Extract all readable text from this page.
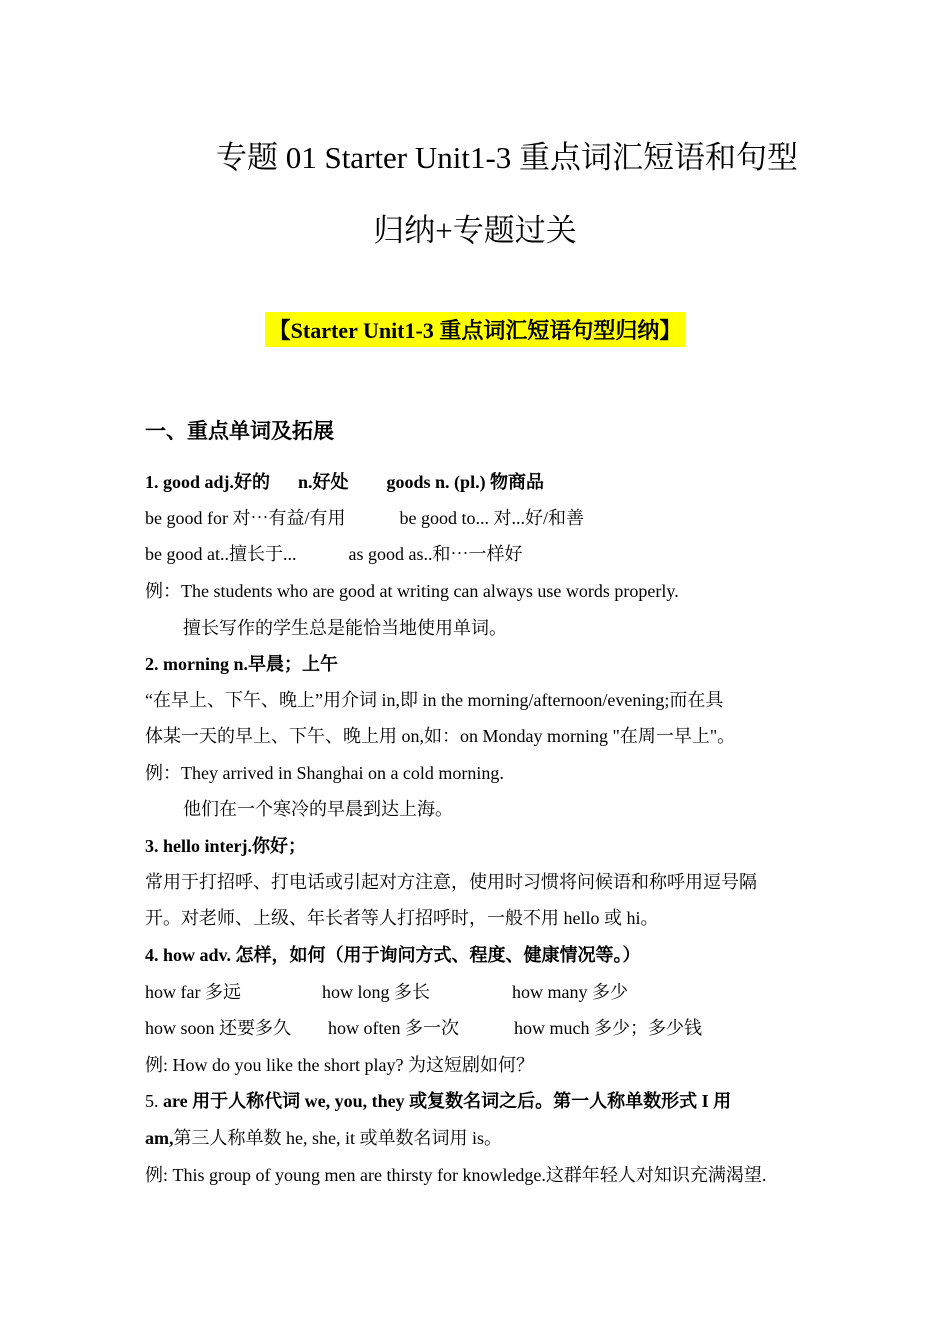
专题 01 Starter Unit1-3 重点词汇短语和句型
归纳+专题过关
【Starter Unit1-3 重点词汇短语句型归纳】
一、重点单词及拓展
1. good adj.好的 n.好处 goods n. (pl.) 物商品
be good for 对⋯有益/有用	be good to... 对...好/和善
be good at..擅长于...	as good as..和⋯一样好
例：The students who are good at writing can always use words properly.
擅长写作的学生总是能恰当地使用单词。
2. morning n.早晨；上午
“在早上、下午、晚上”用介词 in,即 in the morning/afternoon/evening;而在具
体某一天的早上、下午、晚上用 on,如：on Monday morning "在周一早上"。
例：They arrived in Shanghai on a cold morning.
他们在一个寒冷的早晨到达上海。
3. hello interj.你好；
常用于打招呼、打电话或引起对方注意，使用时习惯将问候语和称呼用逗号隔
开。对老师、上级、年长者等人打招呼时，一般不用 hello 或 hi。
4. how adv. 怎样，如何（用于询问方式、程度、健康情况等。）
how far 多远	how long 多长	how many 多少
how soon 还要多久 how often 多一次	how much 多少；多少钱
例: How do you like the short play? 为这短剧如何？
5. are 用于人称代词 we, you, they 或复数名词之后。第一人称单数形式 I 用
am,第三人称单数 he, she, it 或单数名词用 is。
例: This group of young men are thirsty for knowledge.这群年轻人对知识充满渴望.
